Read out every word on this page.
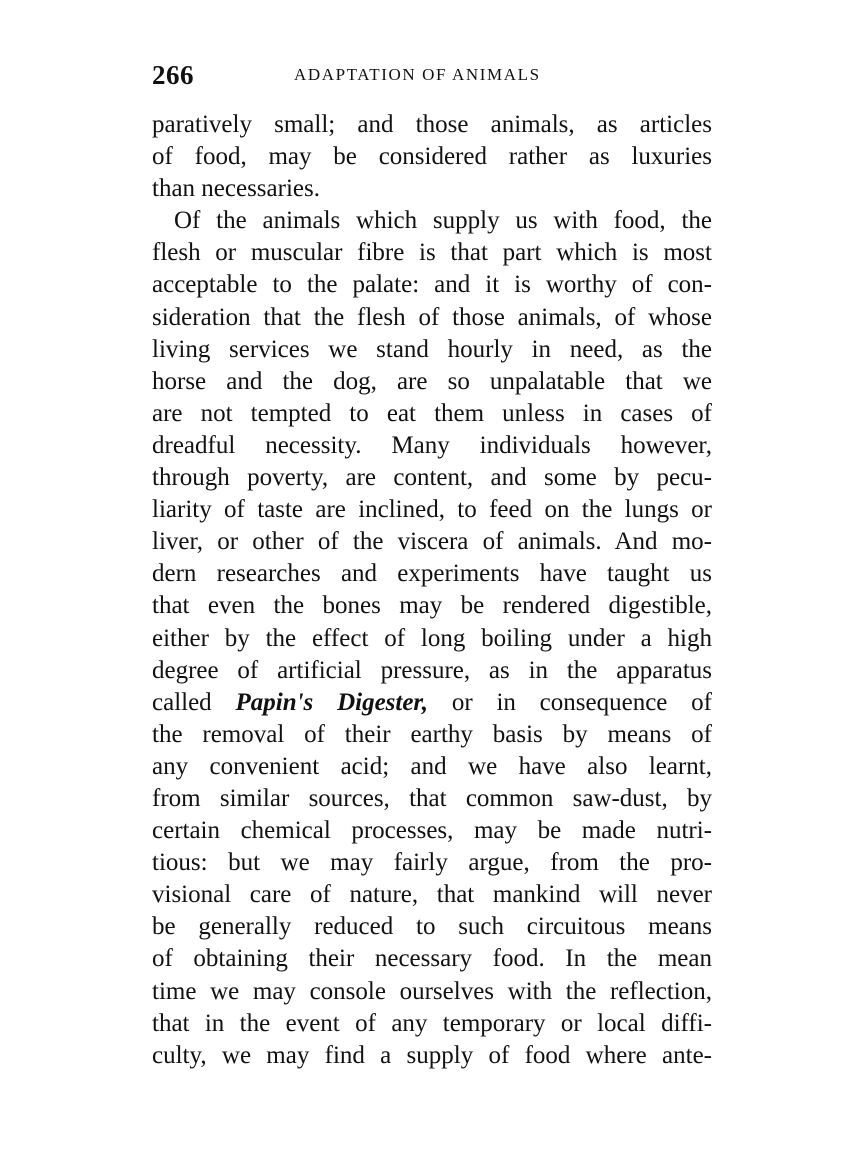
266	ADAPTATION OF ANIMALS
paratively small; and those animals, as articles
of food, may be considered rather as luxuries
than necessaries.
Of the animals which supply us with food, the
flesh or muscular fibre is that part which is most
acceptable to the palate: and it is worthy of con-
sideration that the flesh of those animals, of whose
living services we stand hourly in need, as the
horse and the dog, are so unpalatable that we
are not tempted to eat them unless in cases of
dreadful necessity. Many individuals however,
through poverty, are content, and some by pecu-
liarity of taste are inclined, to feed on the lungs or
liver, or other of the viscera of animals. And mo-
dern researches and experiments have taught us
that even the bones may be rendered digestible,
either by the effect of long boiling under a high
degree of artificial pressure, as in the apparatus
called Papin's Digester, or in consequence of
the removal of their earthy basis by means of
any convenient acid; and we have also learnt,
from similar sources, that common saw-dust, by
certain chemical processes, may be made nutri-
tious: but we may fairly argue, from the pro-
visional care of nature, that mankind will never
be generally reduced to such circuitous means
of obtaining their necessary food. In the mean
time we may console ourselves with the reflection,
that in the event of any temporary or local diffi-
culty, we may find a supply of food where ante-
